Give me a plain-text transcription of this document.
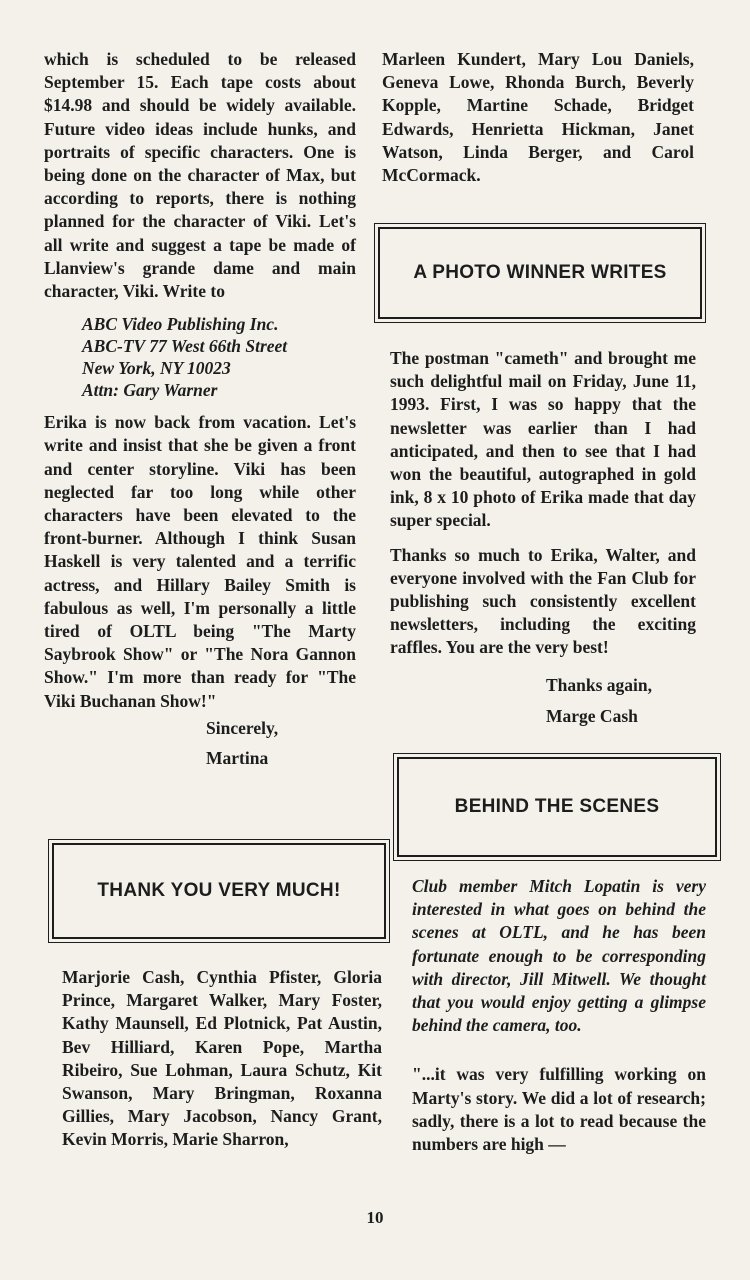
which is scheduled to be released September 15. Each tape costs about $14.98 and should be widely available. Future video ideas include hunks, and portraits of specific characters. One is being done on the character of Max, but according to reports, there is nothing planned for the character of Viki. Let's all write and suggest a tape be made of Llanview's grande dame and main character, Viki. Write to

ABC Video Publishing Inc.
ABC-TV 77 West 66th Street
New York, NY 10023
Attn: Gary Warner

Erika is now back from vacation. Let's write and insist that she be given a front and center storyline. Viki has been neglected far too long while other characters have been elevated to the front-burner. Although I think Susan Haskell is very talented and a terrific actress, and Hillary Bailey Smith is fabulous as well, I'm personally a little tired of OLTL being "The Marty Saybrook Show" or "The Nora Gannon Show." I'm more than ready for "The Viki Buchanan Show!"

Sincerely,
Martina
THANK YOU VERY MUCH!

Marjorie Cash, Cynthia Pfister, Gloria Prince, Margaret Walker, Mary Foster, Kathy Maunsell, Ed Plotnick, Pat Austin, Bev Hilliard, Karen Pope, Martha Ribeiro, Sue Lohman, Laura Schutz, Kit Swanson, Mary Bringman, Roxanna Gillies, Mary Jacobson, Nancy Grant, Kevin Morris, Marie Sharron,

Marleen Kundert, Mary Lou Daniels, Geneva Lowe, Rhonda Burch, Beverly Kopple, Martine Schade, Bridget Edwards, Henrietta Hickman, Janet Watson, Linda Berger, and Carol McCormack.

A PHOTO WINNER WRITES

The postman "cameth" and brought me such delightful mail on Friday, June 11, 1993. First, I was so happy that the newsletter was earlier than I had anticipated, and then to see that I had won the beautiful, autographed in gold ink, 8 x 10 photo of Erika made that day super special.

Thanks so much to Erika, Walter, and everyone involved with the Fan Club for publishing such consistently excellent newsletters, including the exciting raffles. You are the very best!

Thanks again,
Marge Cash
BEHIND THE SCENES

Club member Mitch Lopatin is very interested in what goes on behind the scenes at OLTL, and he has been fortunate enough to be corresponding with director, Jill Mitwell. We thought that you would enjoy getting a glimpse behind the camera, too.

"...it was very fulfilling working on Marty's story. We did a lot of research; sadly, there is a lot to read because the numbers are high —

10
